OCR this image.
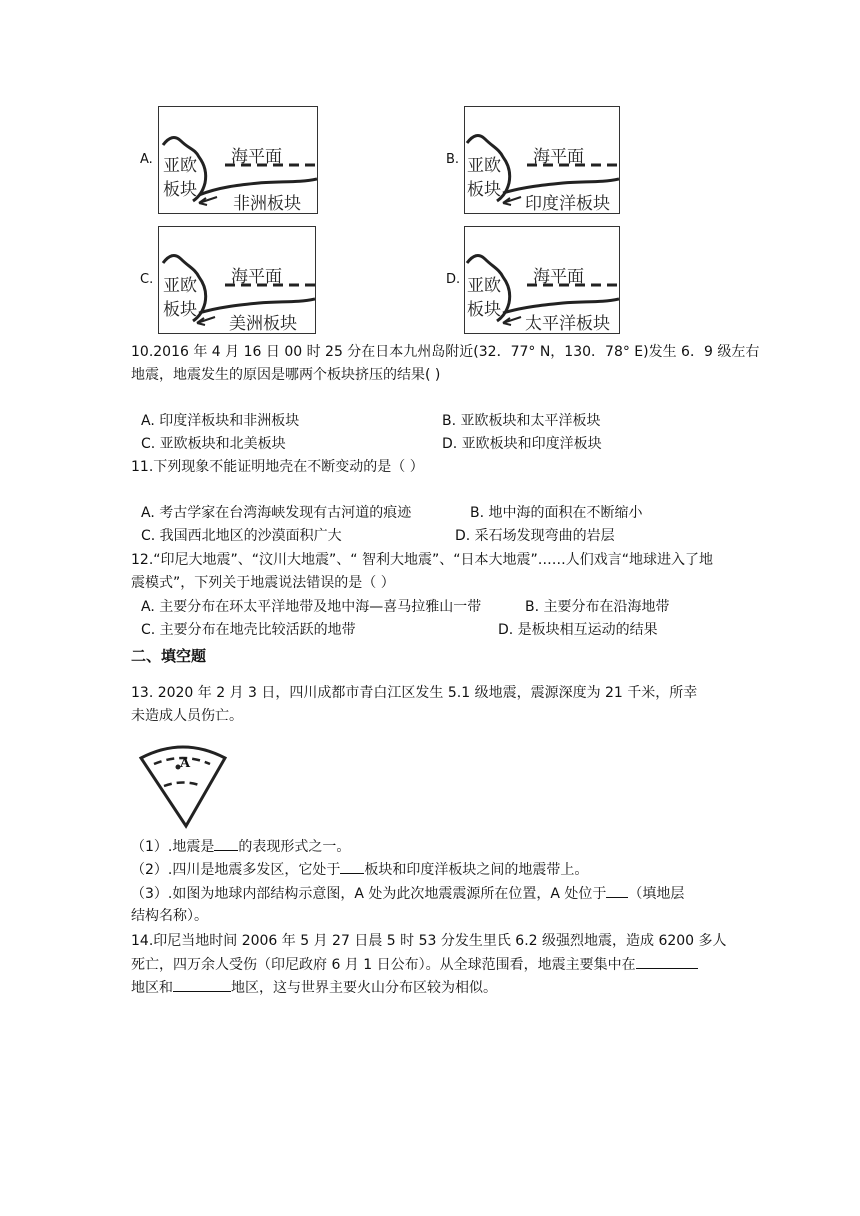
A.	B.
C.	D.
海平面
亚欧
板块
非洲板块
海平面
亚欧
板块
印度洋板块
海平面
亚欧
板块
美洲板块
海平面
亚欧
板块
太平洋板块
10.2016 年 4 月 16 日 00 时 25 分在日本九州岛附近(32．77° N，130．78° E)发生 6．9 级左右
地震，地震发生的原因是哪两个板块挤压的结果( )
A. 印度洋板块和非洲板块	B. 亚欧板块和太平洋板块
C. 亚欧板块和北美板块	D. 亚欧板块和印度洋板块
11.下列现象不能证明地壳在不断变动的是（ ）
A. 考古学家在台湾海峡发现有古河道的痕迹	B. 地中海的面积在不断缩小
C. 我国西北地区的沙漠面积广大	D. 采石场发现弯曲的岩层
12.“印尼大地震”、“汶川大地震”、“ 智利大地震”、“日本大地震”……人们戏言“地球进入了地
震模式”，下列关于地震说法错误的是（ ）
A. 主要分布在环太平洋地带及地中海—喜马拉雅山一带	B. 主要分布在沿海地带
C. 主要分布在地壳比较活跃的地带	D. 是板块相互运动的结果
二、填空题
13. 2020 年 2 月 3 日，四川成都市青白江区发生 5.1 级地震，震源深度为 21 千米，所幸
未造成人员伤亡。
A
（1）.地震是 的表现形式之一。
（2）.四川是地震多发区，它处于 板块和印度洋板块之间的地震带上。
（3）.如图为地球内部结构示意图，A 处为此次地震震源所在位置，A 处位于 （填地层
结构名称）。
14.印尼当地时间 2006 年 5 月 27 日晨 5 时 53 分发生里氏 6.2 级强烈地震，造成 6200 多人
死亡，四万余人受伤（印尼政府 6 月 1 日公布）。从全球范围看，地震主要集中在
地区和	地区，这与世界主要火山分布区较为相似。
